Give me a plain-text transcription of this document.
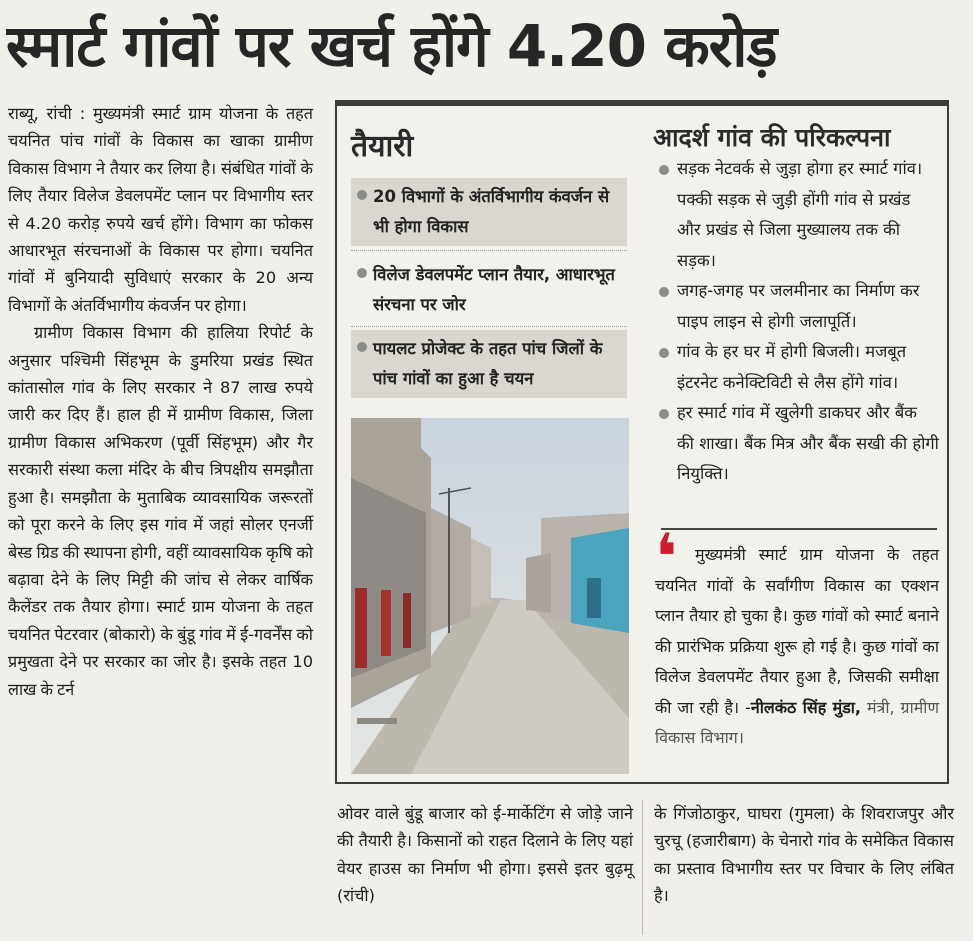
स्मार्ट गांवों पर खर्च होंगे 4.20 करोड़

राब्यू, रांची : मुख्यमंत्री स्मार्ट ग्राम योजना के तहत चयनित पांच गांवों के विकास का खाका ग्रामीण विकास विभाग ने तैयार कर लिया है। संबंधित गांवों के लिए तैयार विलेज डेवलपमेंट प्लान पर विभागीय स्तर से 4.20 करोड़ रुपये खर्च होंगे। विभाग का फोकस आधारभूत संरचनाओं के विकास पर होगा। चयनित गांवों में बुनियादी सुविधाएं सरकार के 20 अन्य विभागों के अंतर्विभागीय कंवर्जन पर होगा।

ग्रामीण विकास विभाग की हालिया रिपोर्ट के अनुसार पश्चिमी सिंहभूम के डुमरिया प्रखंड स्थित कांतासोल गांव के लिए सरकार ने 87 लाख रुपये जारी कर दिए हैं। हाल ही में ग्रामीण विकास, जिला ग्रामीण विकास अभिकरण (पूर्वी सिंहभूम) और गैर सरकारी संस्था कला मंदिर के बीच त्रिपक्षीय समझौता हुआ है। समझौता के मुताबिक व्यावसायिक जरूरतों को पूरा करने के लिए इस गांव में जहां सोलर एनर्जी बेस्ड ग्रिड की स्थापना होगी, वहीं व्यावसायिक कृषि को बढ़ावा देने के लिए मिट्टी की जांच से लेकर वार्षिक कैलेंडर तक तैयार होगा। स्मार्ट ग्राम योजना के तहत चयनित पेटरवार (बोकारो) के बुंडू गांव में ई-गवर्नेंस को प्रमुखता देने पर सरकार का जोर है। इसके तहत 10 लाख के टर्न

तैयारी
20 विभागों के अंतर्विभागीय कंवर्जन से भी होगा विकास
विलेज डेवलपमेंट प्लान तैयार, आधारभूत संरचना पर जोर
पायलट प्रोजेक्ट के तहत पांच जिलों के पांच गांवों का हुआ है चयन
आदर्श गांव की परिकल्पना
सड़क नेटवर्क से जुड़ा होगा हर स्मार्ट गांव। पक्की सड़क से जुड़ी होंगी गांव से प्रखंड और प्रखंड से जिला मुख्यालय तक की सड़क।
जगह-जगह पर जलमीनार का निर्माण कर पाइप लाइन से होगी जलापूर्ति।
गांव के हर घर में होगी बिजली। मजबूत इंटरनेट कनेक्टिविटी से लैस होंगे गांव।
हर स्मार्ट गांव में खुलेगी डाकघर और बैंक की शाखा। बैंक मित्र और बैंक सखी की होगी नियुक्ति।
❛	मुख्यमंत्री स्मार्ट ग्राम योजना के तहत चयनित गांवों के सर्वांगीण विकास का एक्शन प्लान तैयार हो चुका है। कुछ गांवों को स्मार्ट बनाने की प्रारंभिक प्रक्रिया शुरू हो गई है। कुछ गांवों का विलेज डेवलपमेंट तैयार हुआ है, जिसकी समीक्षा की जा रही है। -नीलकंठ सिंह मुंडा, मंत्री, ग्रामीण विकास विभाग।
ओवर वाले बुंडू बाजार को ई-मार्केटिंग से जोड़े जाने की तैयारी है। किसानों को राहत दिलाने के लिए यहां वेयर हाउस का निर्माण भी होगा। इससे इतर बुढ़मू (रांची)
के गिंजोठाकुर, घाघरा (गुमला) के शिवराजपुर और चुरचू (हजारीबाग) के चेनारो गांव के समेकित विकास का प्रस्ताव विभागीय स्तर पर विचार के लिए लंबित है।
